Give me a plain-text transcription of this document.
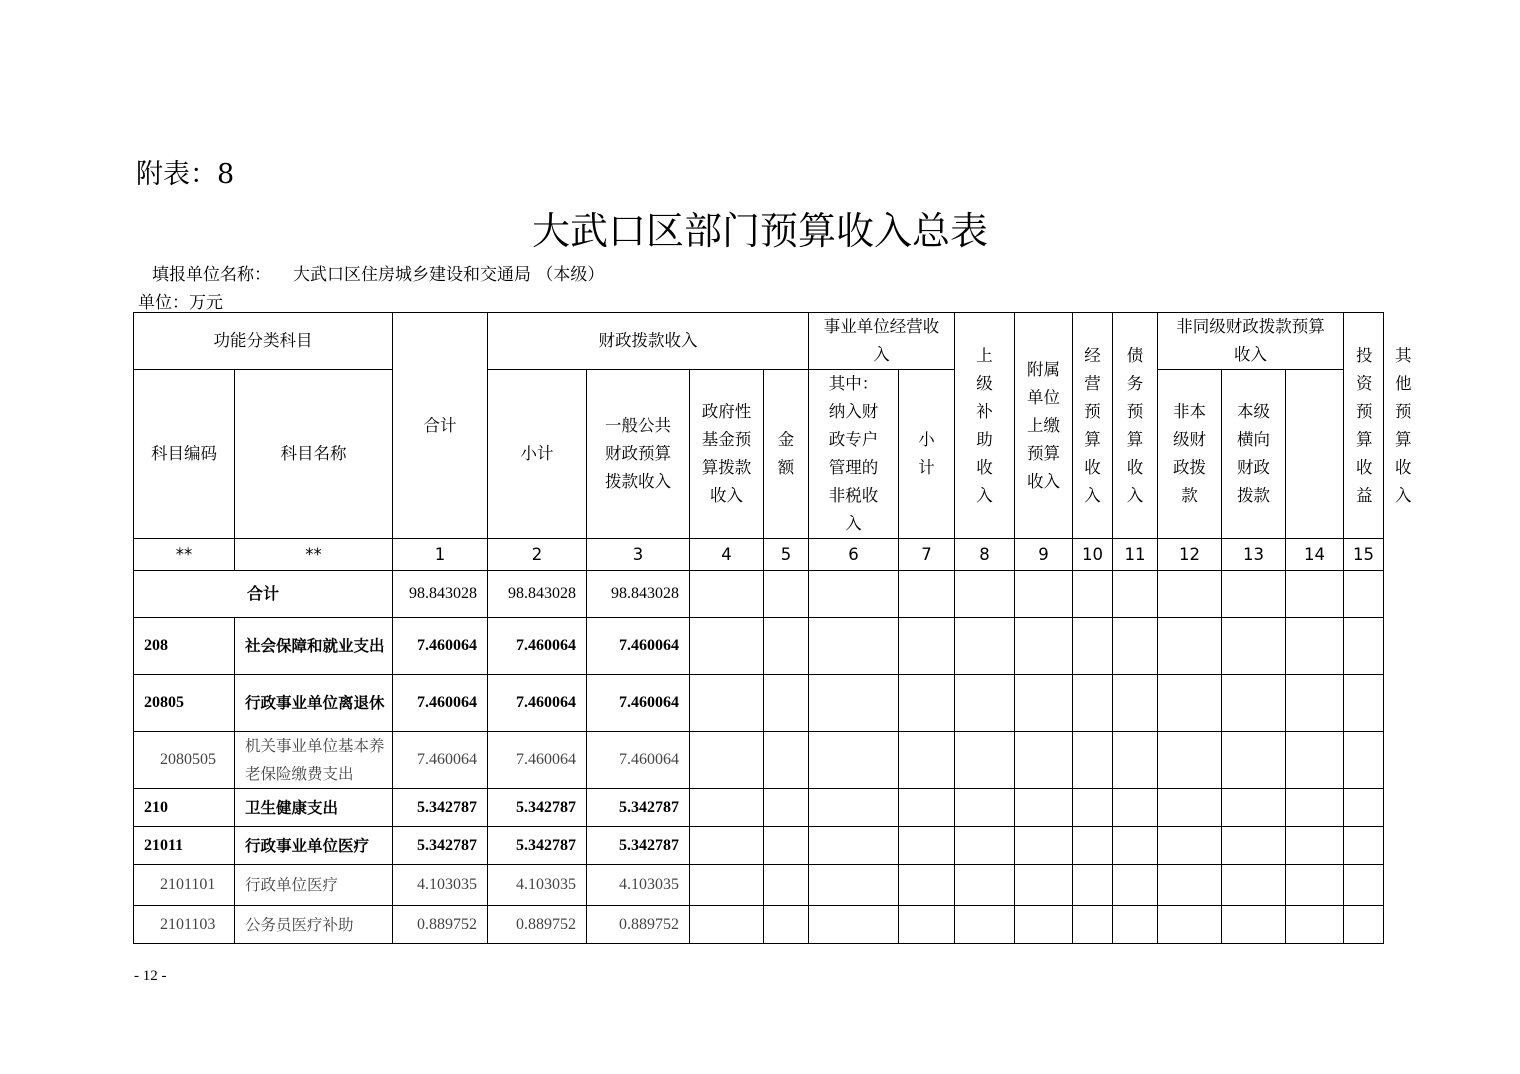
附表：8
大武口区部门预算收入总表
填报单位名称： 大武口区住房城乡建设和交通局 （本级）
单位：万元
功能分类科目		合计	财政拨款收入				事业单位经营收入		上级补助收入	附属单位上缴预算收入	经营预算收入	债务预算收入	非同级财政拨款预算收入			投资预算收益	其他预算收入
科目编码	科目名称		小计	一般公共财政预算拨款收入	政府性基金预算拨款收入	金额	其中：纳入财政专户管理的非税收入	小计					非本级财政拨款	本级横向财政拨款			
**	**	1	2	3	4	5	6	7	8	9	10	11	12	13	14	15	
合计		98.843028	98.843028	98.843028													
208	社会保障和就业支出	7.460064	7.460064	7.460064													
20805	行政事业单位离退休	7.460064	7.460064	7.460064													
2080505	机关事业单位基本养老保险缴费支出	7.460064	7.460064	7.460064													
210	卫生健康支出	5.342787	5.342787	5.342787													
21011	行政事业单位医疗	5.342787	5.342787	5.342787													
2101101	行政单位医疗	4.103035	4.103035	4.103035													
2101103	公务员医疗补助	0.889752	0.889752	0.889752													
- 12 -
